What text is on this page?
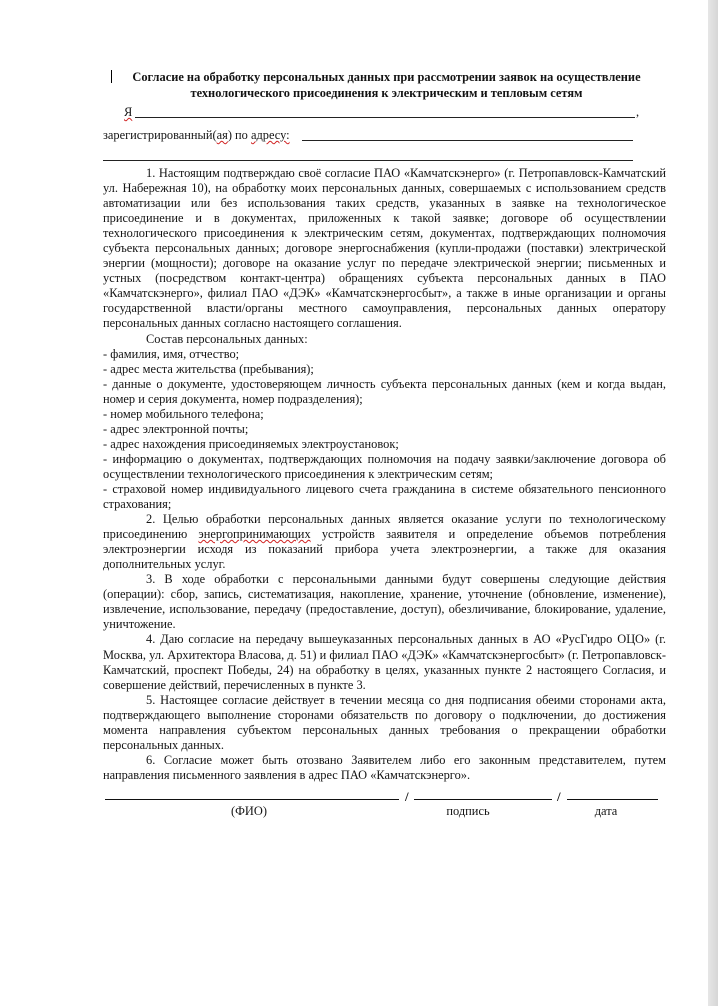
Согласие на обработку персональных данных при рассмотрении заявок на осуществление технологического присоединения к электрическим и тепловым сетям
Я	,
зарегистрированный(ая) по адресу:

1. Настоящим подтверждаю своё согласие ПАО «Камчатскэнерго» (г. Петропавловск-Камчатский ул. Набережная 10), на обработку моих персональных данных, совершаемых с использованием средств автоматизации или без использования таких средств, указанных в заявке на технологическое присоединение и в документах, приложенных к такой заявке; договоре об осуществлении технологического присоединения к электрическим сетям, документах, подтверждающих полномочия субъекта персональных данных; договоре энергоснабжения (купли-продажи (поставки) электрической энергии (мощности); договоре на оказание услуг по передаче электрической энергии; письменных и устных (посредством контакт-центра) обращениях субъекта персональных данных в ПАО «Камчатскэнерго», филиал ПАО «ДЭК» «Камчатскэнергосбыт», а также в иные организации и органы государственной власти/органы местного самоуправления, персональных данных оператору персональных данных согласно настоящего соглашения.

Состав персональных данных:

- фамилия, имя, отчество;

- адрес места жительства (пребывания);

- данные о документе, удостоверяющем личность субъекта персональных данных (кем и когда выдан, номер и серия документа, номер подразделения);

- номер мобильного телефона;

- адрес электронной почты;

- адрес нахождения присоединяемых электроустановок;

- информацию о документах, подтверждающих полномочия на подачу заявки/заключение договора об осуществлении технологического присоединения к электрическим сетям;

- страховой номер индивидуального лицевого счета гражданина в системе обязательного пенсионного страхования;

2. Целью обработки персональных данных является оказание услуги по технологическому присоединению энергопринимающих устройств заявителя и определение объемов потребления электроэнергии исходя из показаний прибора учета электроэнергии, а также для оказания дополнительных услуг.

3. В ходе обработки с персональными данными будут совершены следующие действия (операции): сбор, запись, систематизация, накопление, хранение, уточнение (обновление, изменение), извлечение, использование, передачу (предоставление, доступ), обезличивание, блокирование, удаление, уничтожение.

4. Даю согласие на передачу вышеуказанных персональных данных в АО «РусГидро ОЦО» (г. Москва, ул. Архитектора Власова, д. 51) и филиал ПАО «ДЭК» «Камчатскэнергосбыт» (г. Петропавловск-Камчатский, проспект Победы, 24) на обработку в целях, указанных пункте 2 настоящего Согласия, и совершение действий, перечисленных в пункте 3.

5. Настоящее согласие действует в течении месяца со дня подписания обеими сторонами акта, подтверждающего выполнение сторонами обязательств по договору о подключении, до достижения момента направления субъектом персональных данных требования о прекращении обработки персональных данных.

6. Согласие может быть отозвано Заявителем либо его законным представителем, путем направления письменного заявления в адрес ПАО «Камчатскэнерго».

/	/
(ФИО)	подпись	дата
